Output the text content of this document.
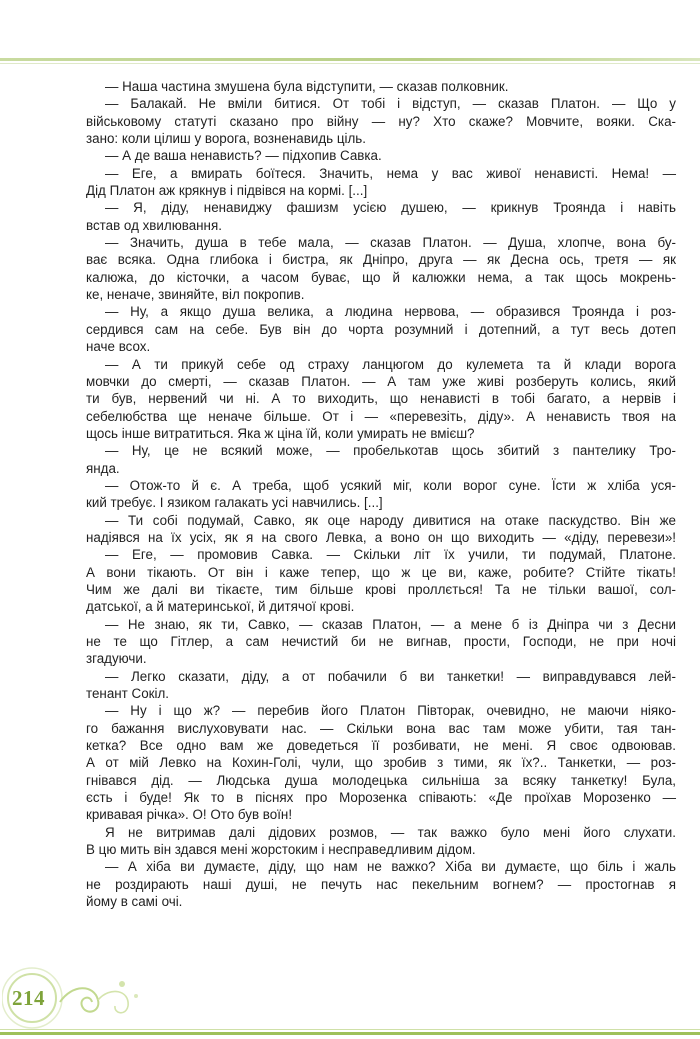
— Наша частина змушена була відступити, — сказав полковник.
— Балакай. Не вміли битися. От тобі і відступ, — сказав Платон. — Що у
військовому статуті сказано про війну — ну? Хто скаже? Мовчите, вояки. Ска-
зано: коли цілиш у ворога, возненавидь ціль.
— А де ваша ненависть? — підхопив Савка.
— Еге, а вмирать боїтеся. Значить, нема у вас живої ненависті. Нема! —
Дід Платон аж крякнув і підвівся на кормі. [...]
— Я, діду, ненавиджу фашизм усією душею, — крикнув Троянда і навіть
встав од хвилювання.
— Значить, душа в тебе мала, — сказав Платон. — Душа, хлопче, вона бу-
ває всяка. Одна глибока і бистра, як Дніпро, друга — як Десна ось, третя — як
калюжа, до кісточки, а часом буває, що й калюжки нема, а так щось мокрень-
ке, неначе, звиняйте, віл покропив.
— Ну, а якщо душа велика, а людина нервова, — образився Троянда і роз-
сердився сам на себе. Був він до чорта розумний і дотепний, а тут весь дотеп
наче всох.
— А ти прикуй себе од страху ланцюгом до кулемета та й клади ворога
мовчки до смерті, — сказав Платон. — А там уже живі розберуть колись, який
ти був, нервений чи ні. А то виходить, що ненависті в тобі багато, а нервів і
себелюбства ще неначе більше. От і — «перевезіть, діду». А ненависть твоя на
щось інше витратиться. Яка ж ціна їй, коли умирать не вмієш?
— Ну, це не всякий може, — пробелькотав щось збитий з пантелику Тро-
янда.
— Отож-то й є. А треба, щоб усякий міг, коли ворог суне. Їсти ж хліба уся-
кий требує. І язиком галакать усі навчились. [...]
— Ти собі подумай, Савко, як оце народу дивитися на отаке паскудство. Він же
надіявся на їх усіх, як я на свого Левка, а воно он що виходить — «діду, перевези»!
— Еге, — промовив Савка. — Скільки літ їх учили, ти подумай, Платоне.
А вони тікають. От він і каже тепер, що ж це ви, каже, робите? Стійте тікать!
Чим же далі ви тікаєте, тим більше крові проллється! Та не тільки вашої, сол-
датської, а й материнської, й дитячої крові.
— Не знаю, як ти, Савко, — сказав Платон, — а мене б із Дніпра чи з Десни
не те що Гітлер, а сам нечистий би не вигнав, прости, Господи, не при ночі
згадуючи.
— Легко сказати, діду, а от побачили б ви танкетки! — виправдувався лей-
тенант Сокіл.
— Ну і що ж? — перебив його Платон Півторак, очевидно, не маючи ніяко-
го бажання вислуховувати нас. — Скільки вона вас там може убити, тая тан-
кетка? Все одно вам же доведеться її розбивати, не мені. Я своє одвоював.
А от мій Левко на Кохин-Голі, чули, що зробив з тими, як їх?.. Танкетки, — роз-
гнівався дід. — Людська душа молодецька сильніша за всяку танкетку! Була,
єсть і буде! Як то в піснях про Морозенка співають: «Де проїхав Морозенко —
кривавая річка». О! Ото був воїн!
Я не витримав далі дідових розмов, — так важко було мені його слухати.
В цю мить він здався мені жорстоким і несправедливим дідом.
— А хіба ви думаєте, діду, що нам не важко? Хіба ви думаєте, що біль і жаль
не роздирають наші душі, не печуть нас пекельним вогнем? — простогнав я
йому в самі очі.
214
